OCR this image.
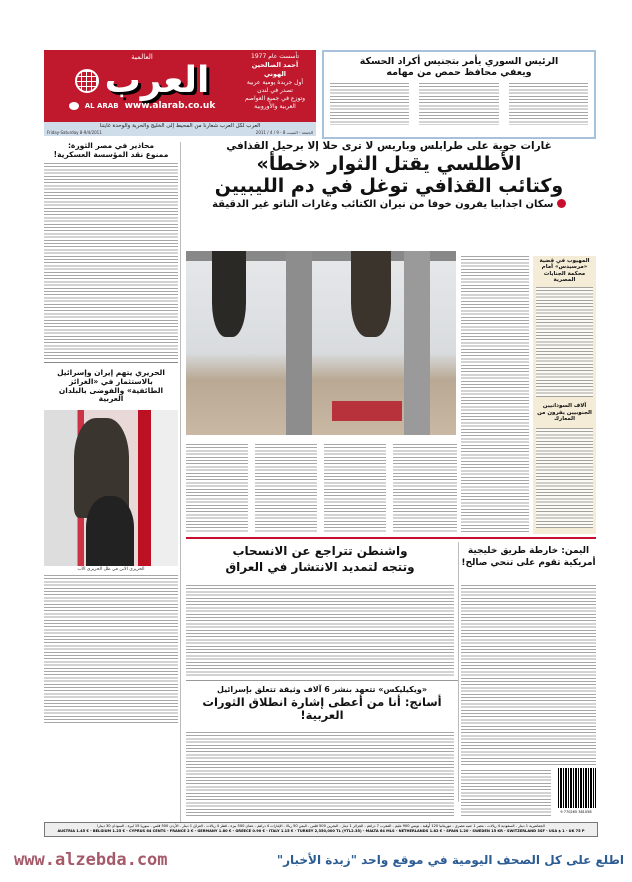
العالمية
العرب
AL ARAB www.alarab.co.uk
تأسست عام 1977
أحمد الصالحين الهوني
أول جريدة يومية عربية
تصدر في لندن
وتوزع في جميع العواصم
العربية والأوروبية
العرب لكل العرب شعارنا من المحيط إلى الخليج والحرية والوحدة غايتنا
Friday-Saturday 8-9/4/2011	الجمعة - السبت 8 - 9 / 4 / 2011
الرئيس السوري يأمر بتجنيس أكراد الحسكة
ويعفي محافظ حمص من مهامه
محاذير في مصر الثورة:
ممنوع نقد المؤسسة العسكرية!
الحريري يتهم إيران وإسرائيل بالاستثمار في «الغرائز الطائفية» والفوضى بالبلدان العربية
الحريري الابن في ظل الحريري الأب
غارات جوية على طرابلس وباريس لا ترى حلا إلا برحيل القذافي
الأطلسي يقتل الثوار «خطأ»
وكتائب القذافي توغل في دم الليبيين
سكان اجدابيا يفرون خوفا من نيران الكتائب وغارات الناتو غير الدقيقة
المهيوب في قضية «مرسيدس» أمام محكمة الجنايات المصرية
آلاف السودانيين الجنوبيين يفرون من المعارك
واشنطن تتراجع عن الانسحاب
وتتجه لتمديد الانتشار في العراق
اليمن: خارطة طريق خليجية
أمريكية تقوم على تنحي صالح!
«ويكيليكس» تتعهد بنشر 6 آلاف وثيقة تتعلق بإسرائيل
أسانج: أنا من أعطى إشارة انطلاق الثورات العربية!
9 770265 381058
الجماهيرية 1 دينار - السعودية 4 ريالات - مصر 1 جنيه مصري - موريتانيا 120 أوقية - تونس 900 مليم - المغرب 7 دراهم - الجزائر 1 دينار - البحرين 500 فلس - اليمن 50 ريالا - الإمارات 4 دراهم - عمان 500 بيزة - قطر 4 ريالات - العراق 1 دينار - الأردن 500 فلس - سوريا 15 ليرة - السودان 30 دينارا
AUSTRIA 1.45 € - BELGIUM 1.25 € - CYPRUS 64 CENTS - FRANCE 2 € - GERMANY 1.80 € - GREECE 0.90 € - ITALY 1.15 € - TURKEY 2,350,000 TL (YTL2.35) - MALTA 64 MLS - NETHERLANDS 1.82 € - SPAIN 1.20 - SWEDEN 15 KR - SWITZERLAND 3SF - USA $ 1 - UK 75 P
www.alzebda.com	اطلع على كل الصحف اليومية في موقع واحد "زبدة الأخبار"
